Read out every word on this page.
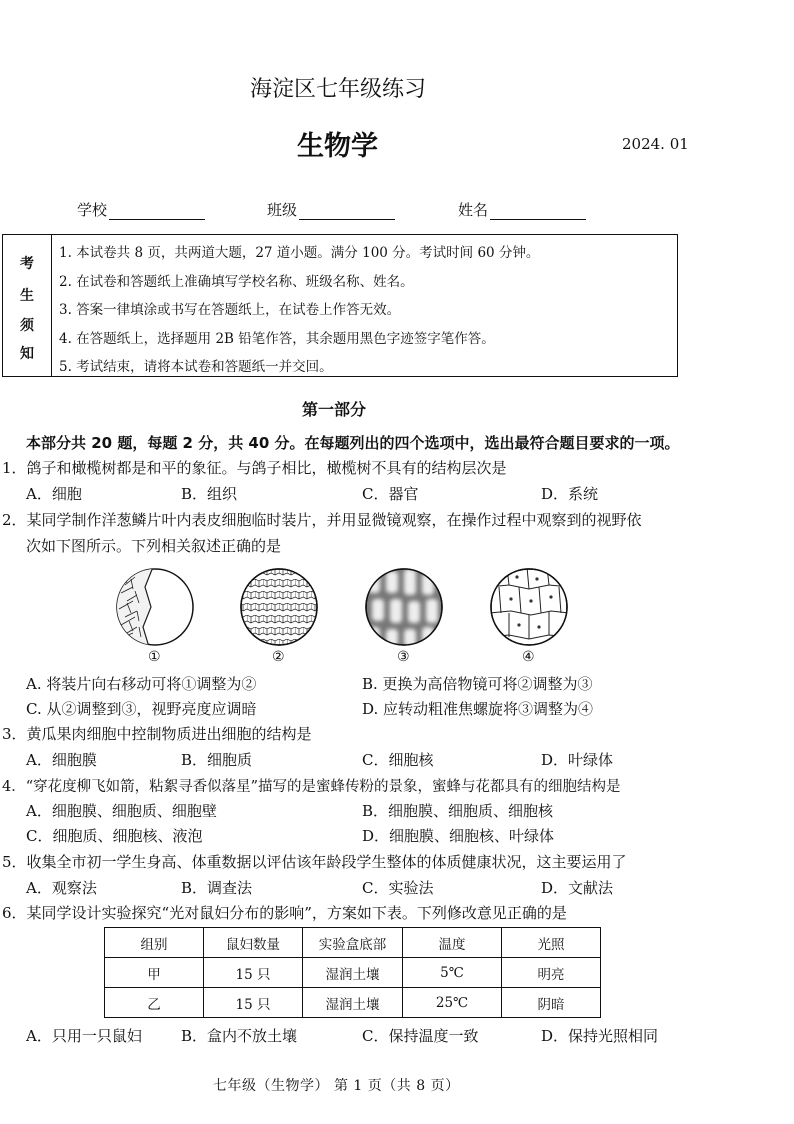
海淀区七年级练习
生物学	2024. 01
学校	班级	姓名
考
生
须
知
1. 本试卷共 8 页，共两道大题，27 道小题。满分 100 分。考试时间 60 分钟。
2. 在试卷和答题纸上准确填写学校名称、班级名称、姓名。
3. 答案一律填涂或书写在答题纸上，在试卷上作答无效。
4. 在答题纸上，选择题用 2B 铅笔作答，其余题用黑色字迹签字笔作答。
5. 考试结束，请将本试卷和答题纸一并交回。
第一部分
本部分共 20 题，每题 2 分，共 40 分。在每题列出的四个选项中，选出最符合题目要求的一项。
1．鸽子和橄榄树都是和平的象征。与鸽子相比，橄榄树不具有的结构层次是
A．细胞	B．组织	C．器官	D．系统
2．某同学制作洋葱鳞片叶内表皮细胞临时装片，并用显微镜观察，在操作过程中观察到的视野依
次如下图所示。下列相关叙述正确的是
①	②	③	④
A. 将装片向右移动可将①调整为②	B. 更换为高倍物镜可将②调整为③
C. 从②调整到③，视野亮度应调暗	D. 应转动粗准焦螺旋将③调整为④
3．黄瓜果肉细胞中控制物质进出细胞的结构是
A．细胞膜	B．细胞质	C．细胞核	D．叶绿体
4．“穿花度柳飞如箭，粘絮寻香似落星”描写的是蜜蜂传粉的景象，蜜蜂与花都具有的细胞结构是
A．细胞膜、细胞质、细胞壁	B．细胞膜、细胞质、细胞核
C．细胞质、细胞核、液泡	D．细胞膜、细胞核、叶绿体
5．收集全市初一学生身高、体重数据以评估该年龄段学生整体的体质健康状况，这主要运用了
A．观察法	B．调查法	C．实验法	D．文献法
6．某同学设计实验探究“光对鼠妇分布的影响”，方案如下表。下列修改意见正确的是
组别	鼠妇数量	实验盒底部	温度	光照
甲	15 只	湿润土壤	5℃	明亮
乙	15 只	湿润土壤	25℃	阴暗
A．只用一只鼠妇	B．盒内不放土壤	C．保持温度一致	D．保持光照相同
七年级（生物学） 第 1 页（共 8 页）
